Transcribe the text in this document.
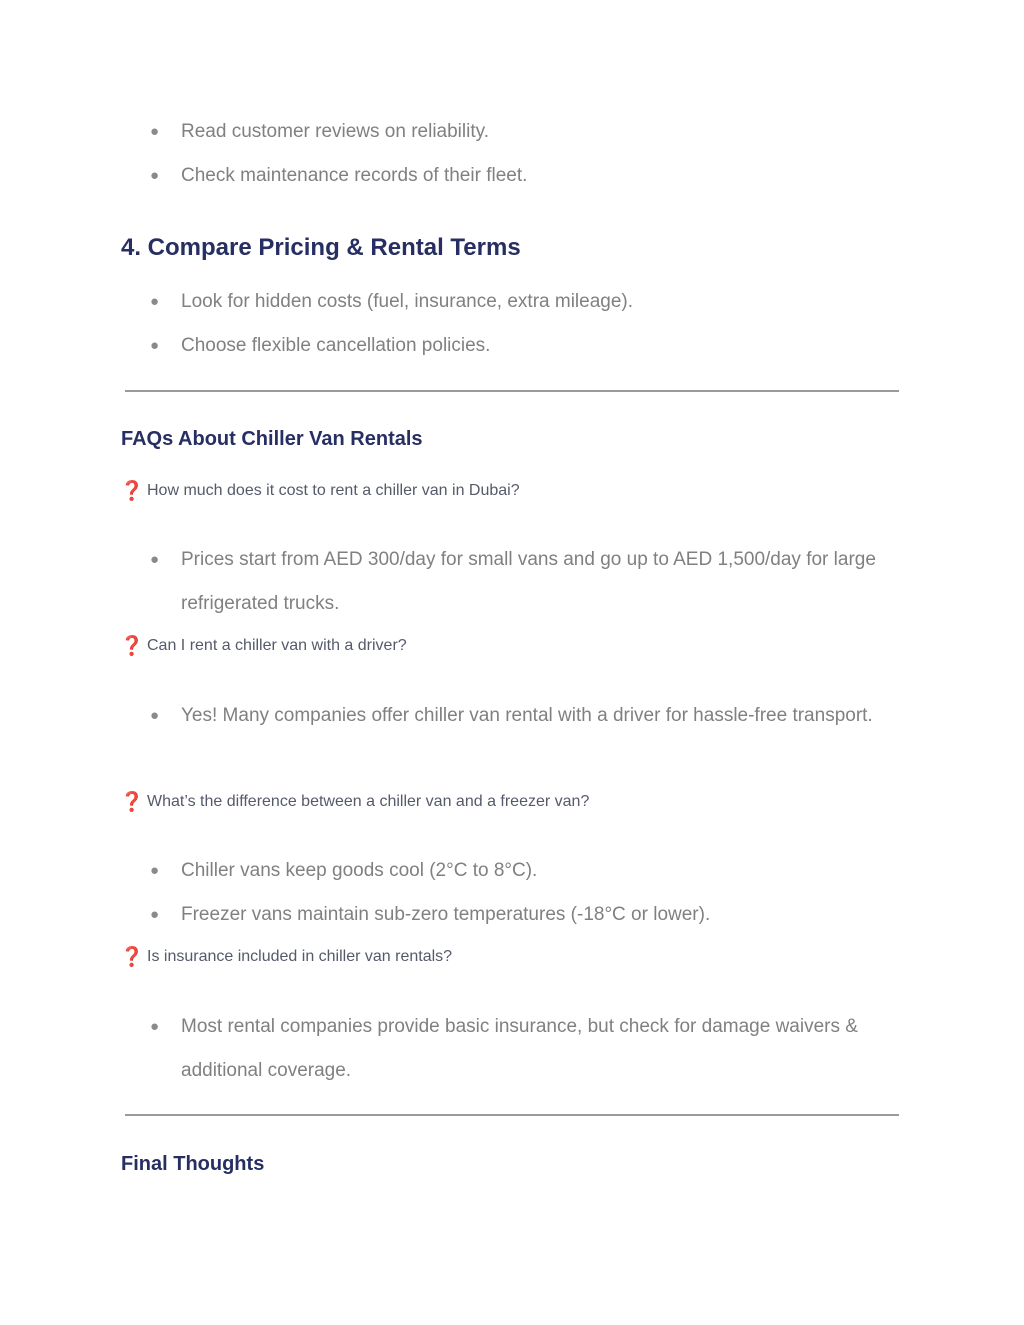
● Read customer reviews on reliability.

● Check maintenance records of their fleet.

4. Compare Pricing & Rental Terms
● Look for hidden costs (fuel, insurance, extra mileage).

● Choose flexible cancellation policies.

FAQs About Chiller Van Rentals
❓ How much does it cost to rent a chiller van in Dubai?
● Prices start from AED 300/day for small vans and go up to AED 1,500/day for large refrigerated trucks.

❓ Can I rent a chiller van with a driver?
● Yes! Many companies offer chiller van rental with a driver for hassle-free transport.

❓ What’s the difference between a chiller van and a freezer van?
● Chiller vans keep goods cool (2°C to 8°C).

● Freezer vans maintain sub-zero temperatures (-18°C or lower).

❓ Is insurance included in chiller van rentals?
● Most rental companies provide basic insurance, but check for damage waivers & additional coverage.

Final Thoughts
